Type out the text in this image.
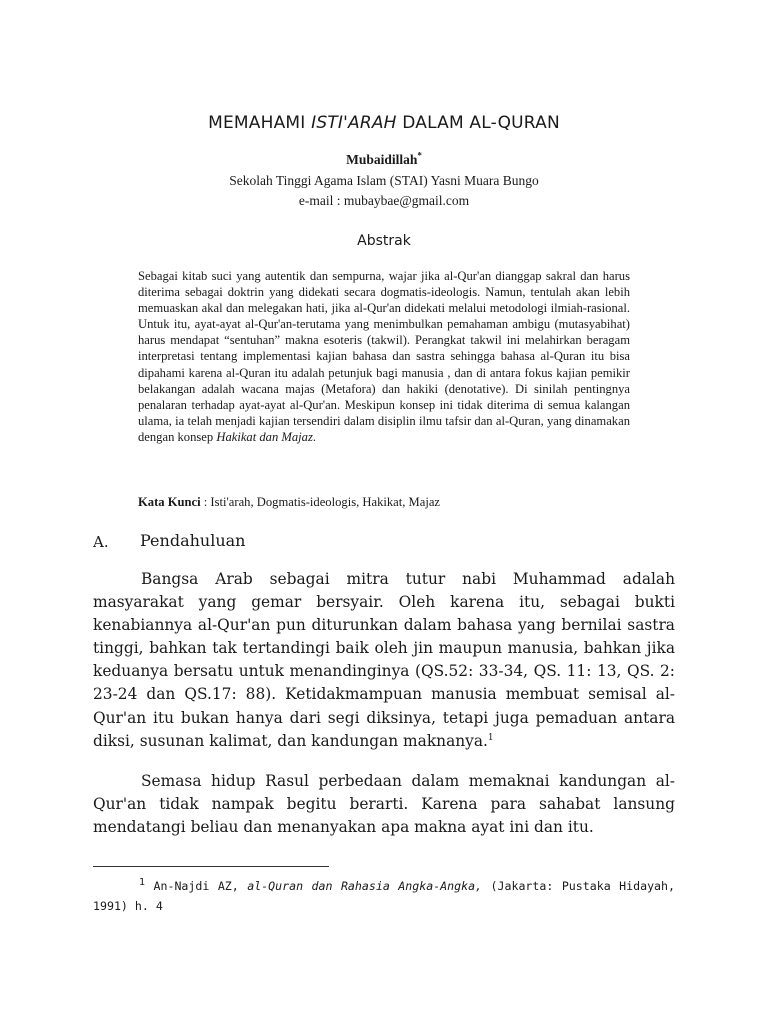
MEMAHAMI ISTI'ARAH DALAM AL-QURAN
Mubaidillah*
Sekolah Tinggi Agama Islam (STAI) Yasni Muara Bungo
e-mail : mubaybae@gmail.com
Abstrak
Sebagai kitab suci yang autentik dan sempurna, wajar jika al-Qur'an dianggap sakral dan harus diterima sebagai doktrin yang didekati secara dogmatis-ideologis. Namun, tentulah akan lebih memuaskan akal dan melegakan hati, jika al-Qur'an didekati melalui metodologi ilmiah-rasional. Untuk itu, ayat-ayat al-Qur'an-terutama yang menimbulkan pemahaman ambigu (mutasyabihat) harus mendapat “sentuhan” makna esoteris (takwil). Perangkat takwil ini melahirkan beragam interpretasi tentang implementasi kajian bahasa dan sastra sehingga bahasa al-Quran itu bisa dipahami karena al-Quran itu adalah petunjuk bagi manusia , dan di antara fokus kajian pemikir belakangan adalah wacana majas (Metafora) dan hakiki (denotative). Di sinilah pentingnya penalaran terhadap ayat-ayat al-Qur'an. Meskipun konsep ini tidak diterima di semua kalangan ulama, ia telah menjadi kajian tersendiri dalam disiplin ilmu tafsir dan al-Quran, yang dinamakan dengan konsep Hakikat dan Majaz.
Kata Kunci : Isti'arah, Dogmatis-ideologis, Hakikat, Majaz
A. Pendahuluan
Bangsa Arab sebagai mitra tutur nabi Muhammad adalah masyarakat yang gemar bersyair. Oleh karena itu, sebagai bukti kenabiannya al-Qur'an pun diturunkan dalam bahasa yang bernilai sastra tinggi, bahkan tak tertandingi baik oleh jin maupun manusia, bahkan jika keduanya bersatu untuk menandinginya (QS.52: 33-34, QS. 11: 13, QS. 2: 23-24 dan QS.17: 88). Ketidakmampuan manusia membuat semisal al-Qur'an itu bukan hanya dari segi diksinya, tetapi juga pemaduan antara diksi, susunan kalimat, dan kandungan maknanya.$^1$
Semasa hidup Rasul perbedaan dalam memaknai kandungan al-Qur'an tidak nampak begitu berarti. Karena para sahabat lansung mendatangi beliau dan menanyakan apa makna ayat ini dan itu.
$^1$ An-Najdi AZ, al-Quran dan Rahasia Angka-Angka, (Jakarta: Pustaka Hidayah, 1991) h. 4
